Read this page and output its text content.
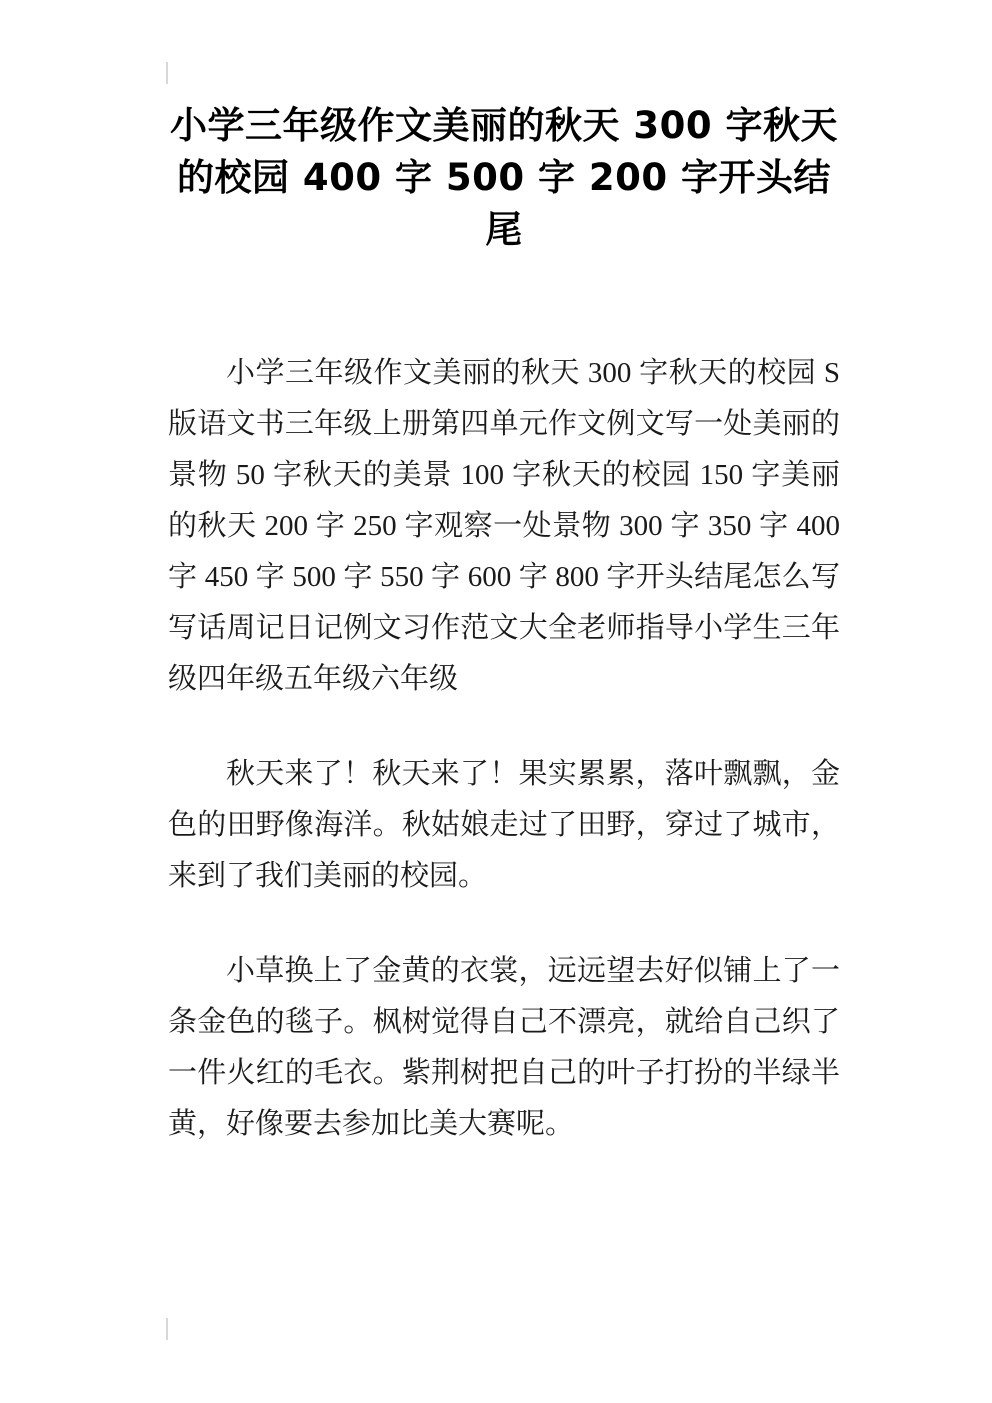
小学三年级作文美丽的秋天 300 字秋天的校园 400 字 500 字 200 字开头结尾

小学三年级作文美丽的秋天 300 字秋天的校园 S 版语文书三年级上册第四单元作文例文写一处美丽的景物 50 字秋天的美景 100 字秋天的校园 150 字美丽的秋天 200 字 250 字观察一处景物 300 字 350 字 400 字 450 字 500 字 550 字 600 字 800 字开头结尾怎么写写话周记日记例文习作范文大全老师指导小学生三年级四年级五年级六年级

秋天来了！秋天来了！果实累累，落叶飘飘，金色的田野像海洋。秋姑娘走过了田野，穿过了城市，来到了我们美丽的校园。

小草换上了金黄的衣裳，远远望去好似铺上了一条金色的毯子。枫树觉得自己不漂亮，就给自己织了一件火红的毛衣。紫荆树把自己的叶子打扮的半绿半黄，好像要去参加比美大赛呢。
